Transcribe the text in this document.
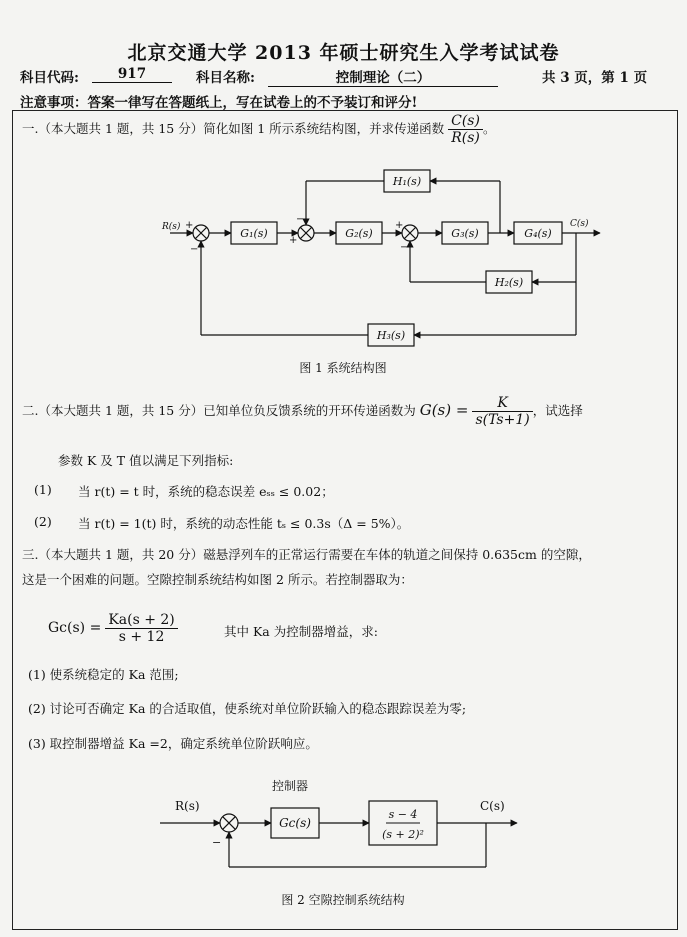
北京交通大学 2013 年硕士研究生入学考试试卷
科目代码:	917	科目名称:	控制理论（二）	共 3 页，第 1 页
注意事项：答案一律写在答题纸上，写在试卷上的不予装订和评分!
一.（本大题共 1 题，共 15 分）简化如图 1 所示系统结构图，并求传递函数 $\frac{C(s)}{R(s)}$ 。
G₁(s)	G₂(s)	G₃(s)	G₄(s)
H₁(s)
H₂(s)
H₃(s)
R(s)	C(s)
+
−
+
−
+
−
图 1 系统结构图
控制器
R(s)	C(s)
Gc(s)
s − 4
(s + 2)²
−
图 2 空隙控制系统结构
二.（本大题共 1 题，共 15 分）已知单位负反馈系统的开环传递函数为 $G(s) = \frac{K}{s(Ts+1)}$ ，试选择
参数 K 及 T 值以满足下列指标:
(1) 当 r(t) = t 时，系统的稳态误差 eₛₛ ≤ 0.02；
(2) 当 r(t) = 1(t) 时，系统的动态性能 tₛ ≤ 0.3s（Δ = 5%）。
三.（本大题共 1 题，共 20 分）磁悬浮列车的正常运行需要在车体的轨道之间保持 0.635cm 的空隙，
这是一个困难的问题。空隙控制系统结构如图 2 所示。若控制器取为：
$Gc(s) = \frac{Ka(s + 2)}{s + 12}$	其中 Ka 为控制器增益，求:
(1) 使系统稳定的 Ka 范围;
(2) 讨论可否确定 Ka 的合适取值，使系统对单位阶跃输入的稳态跟踪误差为零;
(3) 取控制器增益 Ka =2，确定系统单位阶跃响应。
